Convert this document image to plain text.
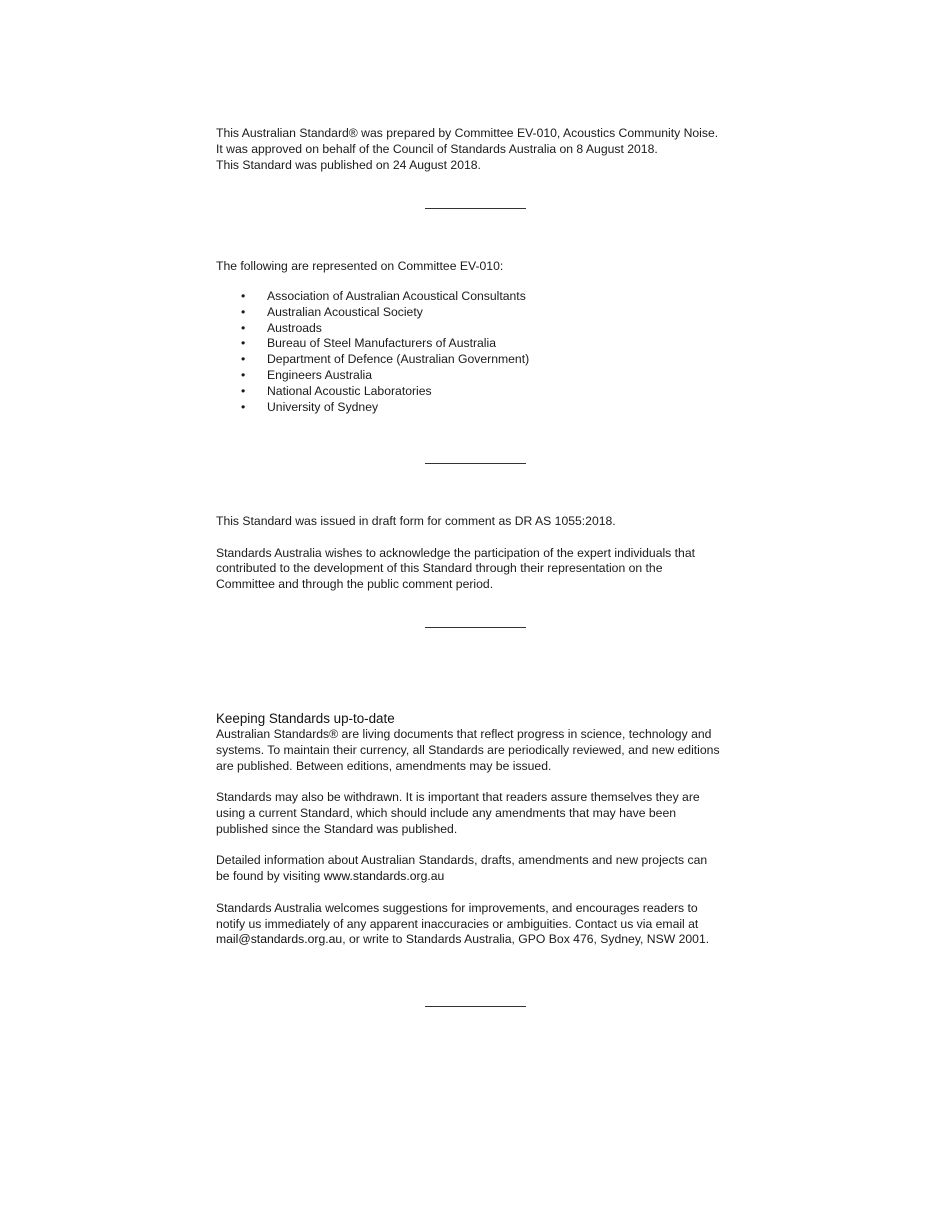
This Australian Standard® was prepared by Committee EV-010, Acoustics Community Noise.
It was approved on behalf of the Council of Standards Australia on 8 August 2018.
This Standard was published on 24 August 2018.
The following are represented on Committee EV-010:
• Association of Australian Acoustical Consultants
• Australian Acoustical Society
• Austroads
• Bureau of Steel Manufacturers of Australia
• Department of Defence (Australian Government)
• Engineers Australia
• National Acoustic Laboratories
• University of Sydney

This Standard was issued in draft form for comment as DR AS 1055:2018.

Standards Australia wishes to acknowledge the participation of the expert individuals that
contributed to the development of this Standard through their representation on the
Committee and through the public comment period.

Keeping Standards up-to-date

Australian Standards® are living documents that reflect progress in science, technology and
systems. To maintain their currency, all Standards are periodically reviewed, and new editions
are published. Between editions, amendments may be issued.

Standards may also be withdrawn. It is important that readers assure themselves they are
using a current Standard, which should include any amendments that may have been
published since the Standard was published.

Detailed information about Australian Standards, drafts, amendments and new projects can
be found by visiting www.standards.org.au

Standards Australia welcomes suggestions for improvements, and encourages readers to
notify us immediately of any apparent inaccuracies or ambiguities. Contact us via email at
mail@standards.org.au, or write to Standards Australia, GPO Box 476, Sydney, NSW 2001.
